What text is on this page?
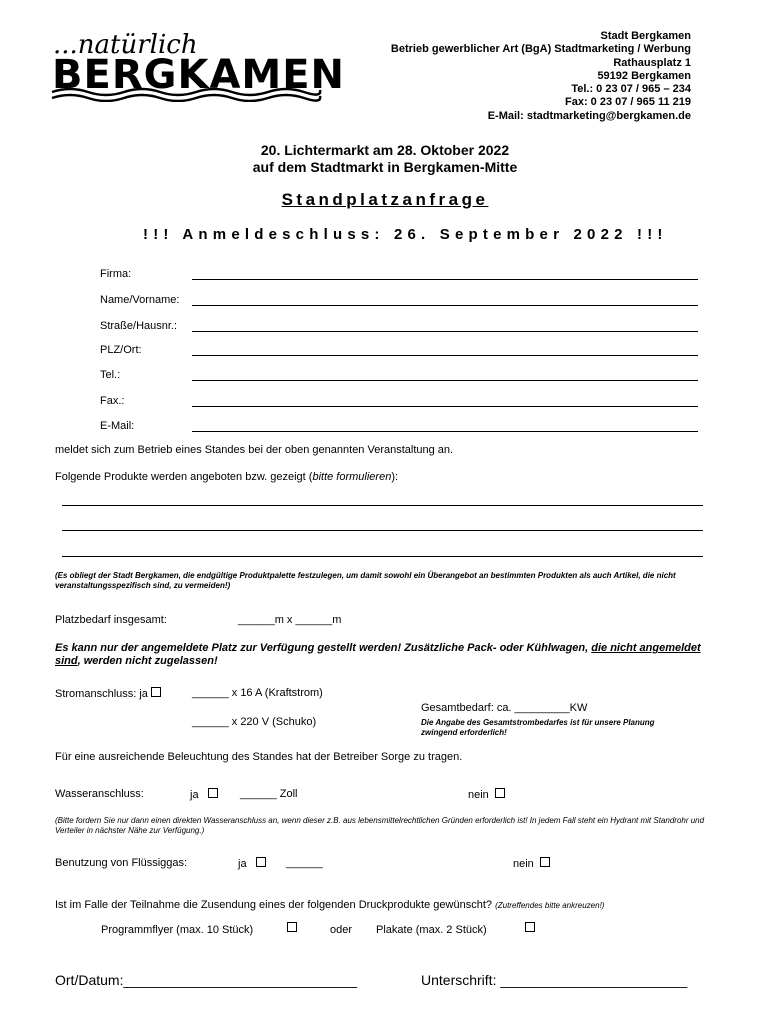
...natürlich
BERGKAMEN
Stadt Bergkamen
Betrieb gewerblicher Art (BgA) Stadtmarketing / Werbung
Rathausplatz 1
59192 Bergkamen
Tel.: 0 23 07 / 965 – 234
Fax: 0 23 07 / 965 11 219
E-Mail: stadtmarketing@bergkamen.de
20. Lichtermarkt am 28. Oktober 2022
auf dem Stadtmarkt in Bergkamen-Mitte
Standplatzanfrage
!!! Anmeldeschluss: 26. September 2022 !!!
Firma:
Name/Vorname:
Straße/Hausnr.:
PLZ/Ort:
Tel.:
Fax.:
E-Mail:
meldet sich zum Betrieb eines Standes bei der oben genannten Veranstaltung an.
Folgende Produkte werden angeboten bzw. gezeigt (bitte formulieren):
(Es obliegt der Stadt Bergkamen, die endgültige Produktpalette festzulegen, um damit sowohl ein Überangebot an bestimmten Produkten als auch Artikel, die nicht veranstaltungsspezifisch sind, zu vermeiden!)
Platzbedarf insgesamt:	______m x ______m
Es kann nur der angemeldete Platz zur Verfügung gestellt werden! Zusätzliche Pack- oder Kühlwagen, die nicht angemeldet sind, werden nicht zugelassen!
Stromanschluss: ja	______ x 16 A (Kraftstrom)
Gesamtbedarf: ca. _________KW
______ x 220 V (Schuko)	Die Angabe des Gesamtstrombedarfes ist für unsere Planung zwingend erforderlich!
Für eine ausreichende Beleuchtung des Standes hat der Betreiber Sorge zu tragen.
Wasseranschluss:	ja	______ Zoll	nein
(Bitte fordern Sie nur dann einen direkten Wasseranschluss an, wenn dieser z.B. aus lebensmittelrechtlichen Gründen erforderlich ist! In jedem Fall steht ein Hydrant mit Standrohr und Verteiler in nächster Nähe zur Verfügung.)
Benutzung von Flüssiggas:	ja	______	nein
Ist im Falle der Teilnahme die Zusendung eines der folgenden Druckprodukte gewünscht? (Zutreffendes bitte ankreuzen!)
Programmflyer (max. 10 Stück)	oder Plakate (max. 2 Stück)
Ort/Datum:______________________________	Unterschrift: ________________________
